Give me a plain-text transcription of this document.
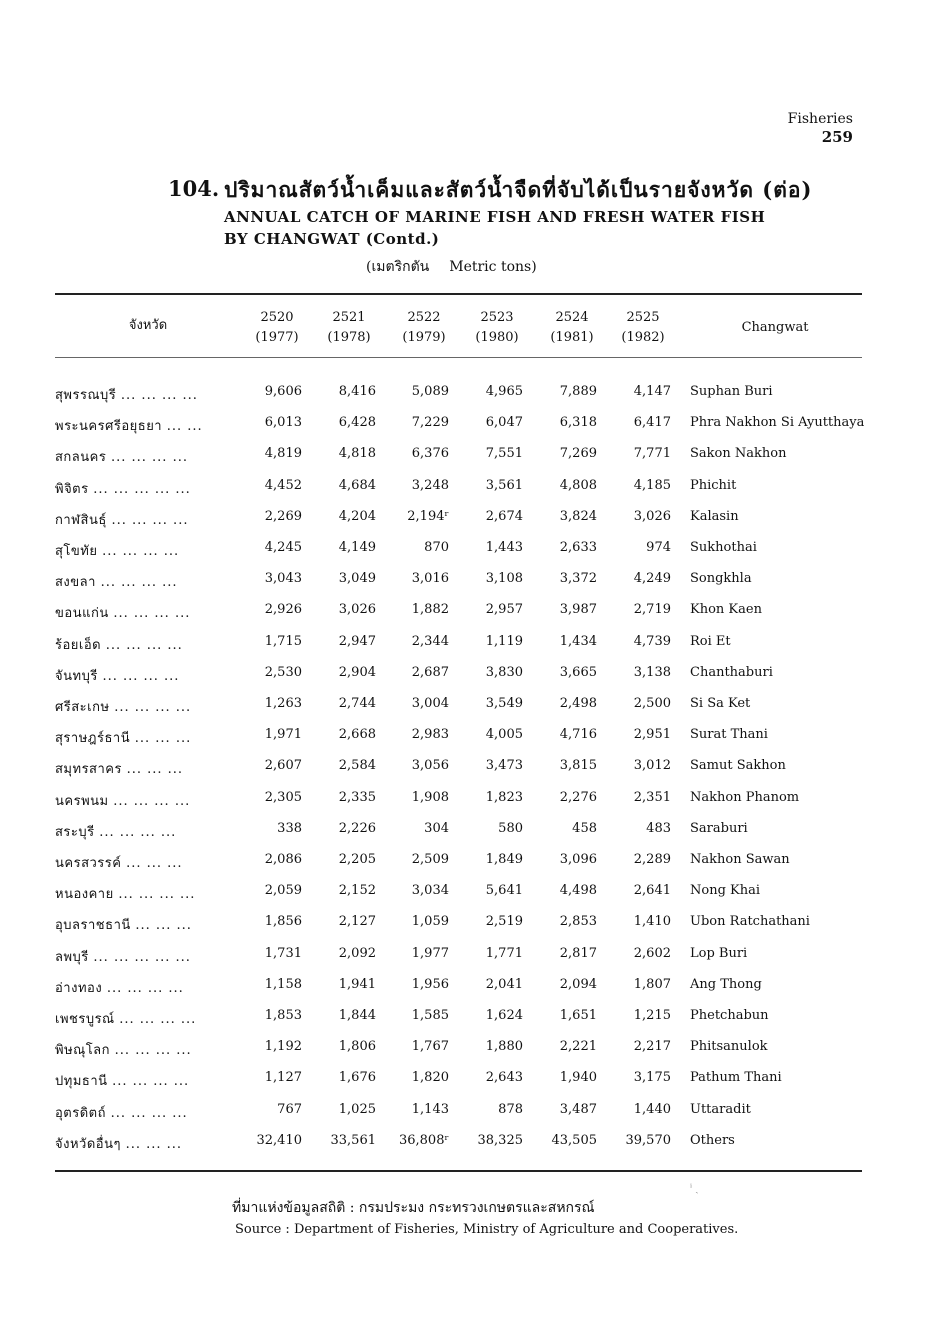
Fisheries
259
104. ปริมาณสัตว์น้ำเค็มและสัตว์น้ำจืดที่จับได้เป็นรายจังหวัด (ต่อ)
ANNUAL CATCH OF MARINE FISH AND FRESH WATER FISH
BY CHANGWAT (Contd.)
(เมตริกตัน Metric tons)
จังหวัด
2520
(1977)
2521
(1978)
2522
(1979)
2523
(1980)
2524
(1981)
2525
(1982)
Changwat
สุพรรณบุรี ... ... ... ...	9,606	8,416	5,089	4,965	7,889	4,147 Suphan Buri
พระนครศรีอยุธยา ... ...	6,013	6,428	7,229	6,047	6,318	6,417 Phra Nakhon Si Ayutthaya
สกลนคร ... ... ... ...	4,819	4,818	6,376	7,551	7,269	7,771 Sakon Nakhon
พิจิตร ... ... ... ... ...	4,452	4,684	3,248	3,561	4,808	4,185 Phichit
กาฬสินธุ์ ... ... ... ...	2,269	4,204	2,194ʳ	2,674	3,824	3,026 Kalasin
สุโขทัย ... ... ... ...	4,245	4,149	870	1,443	2,633	974 Sukhothai
สงขลา ... ... ... ...	3,043	3,049	3,016	3,108	3,372	4,249 Songkhla
ขอนแก่น ... ... ... ...	2,926	3,026	1,882	2,957	3,987	2,719 Khon Kaen
ร้อยเอ็ด ... ... ... ...	1,715	2,947	2,344	1,119	1,434	4,739 Roi Et
จันทบุรี ... ... ... ...	2,530	2,904	2,687	3,830	3,665	3,138 Chanthaburi
ศรีสะเกษ ... ... ... ...	1,263	2,744	3,004	3,549	2,498	2,500 Si Sa Ket
สุราษฎร์ธานี ... ... ...	1,971	2,668	2,983	4,005	4,716	2,951 Surat Thani
สมุทรสาคร ... ... ...	2,607	2,584	3,056	3,473	3,815	3,012 Samut Sakhon
นครพนม ... ... ... ...	2,305	2,335	1,908	1,823	2,276	2,351 Nakhon Phanom
สระบุรี ... ... ... ...	338	2,226	304	580	458	483 Saraburi
นครสวรรค์ ... ... ...	2,086	2,205	2,509	1,849	3,096	2,289 Nakhon Sawan
หนองคาย ... ... ... ...	2,059	2,152	3,034	5,641	4,498	2,641 Nong Khai
อุบลราชธานี ... ... ...	1,856	2,127	1,059	2,519	2,853	1,410 Ubon Ratchathani
ลพบุรี ... ... ... ... ...	1,731	2,092	1,977	1,771	2,817	2,602 Lop Buri
อ่างทอง ... ... ... ...	1,158	1,941	1,956	2,041	2,094	1,807 Ang Thong
เพชรบูรณ์ ... ... ... ...	1,853	1,844	1,585	1,624	1,651	1,215 Phetchabun
พิษณุโลก ... ... ... ...	1,192	1,806	1,767	1,880	2,221	2,217 Phitsanulok
ปทุมธานี ... ... ... ...	1,127	1,676	1,820	2,643	1,940	3,175 Pathum Thani
อุตรดิตถ์ ... ... ... ...	767	1,025	1,143	878	3,487	1,440 Uttaradit
จังหวัดอื่นๆ ... ... ...	32,410	33,561	36,808ʳ	38,325	43,505	39,570 Others
ⁱ ˏ
ที่มาแห่งข้อมูลสถิติ : กรมประมง กระทรวงเกษตรและสหกรณ์
Source : Department of Fisheries, Ministry of Agriculture and Cooperatives.
